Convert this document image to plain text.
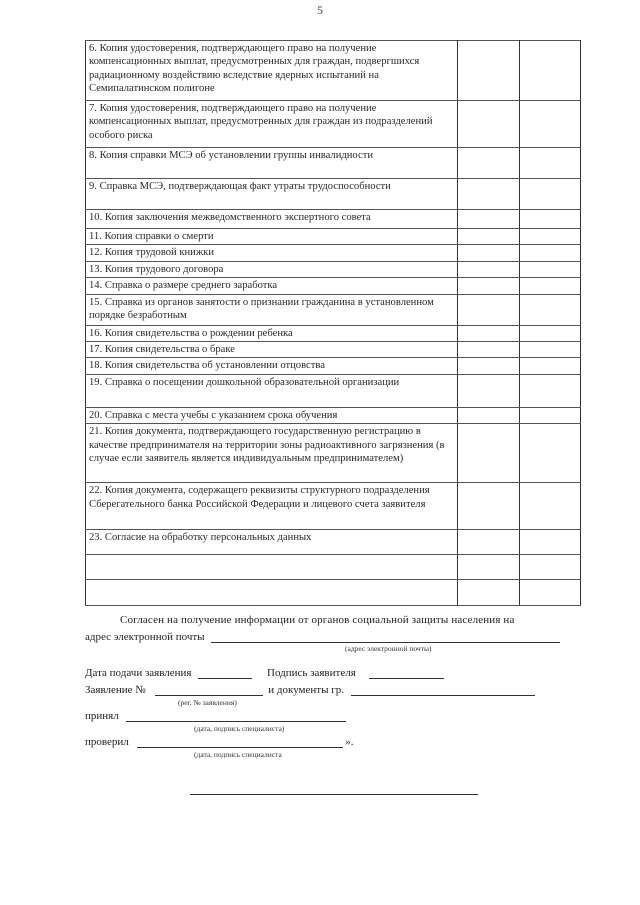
5
6. Копия удостоверения, подтверждающего право на получение компенсационных выплат, предусмотренных для граждан, подвергшихся радиационному воздействию вследствие ядерных испытаний на Семипалатинском полигоне		
7. Копия удостоверения, подтверждающего право на получение компенсационных выплат, предусмотренных для граждан из подразделений особого риска		
8. Копия справки МСЭ об установлении группы инвалидности		
9. Справка МСЭ, подтверждающая факт утраты трудоспособности		
10. Копия заключения межведомственного экспертного совета		
11. Копия справки о смерти		
12. Копия трудовой книжки		
13. Копия трудового договора		
14. Справка о размере среднего заработка		
15. Справка из органов занятости о признании гражданина в установленном порядке безработным		
16. Копия свидетельства о рождении ребенка		
17. Копия свидетельства о браке		
18. Копия свидетельства об установлении отцовства		
19. Справка о посещении дошкольной образовательной организации		
20. Справка с места учебы с указанием срока обучения		
21. Копия документа, подтверждающего государственную регистрацию в качестве предпринимателя на территории зоны радиоактивного загрязнения (в случае если заявитель является индивидуальным предпринимателем)		
22. Копия документа, содержащего реквизиты структурного подразделения Сберегательного банка Российской Федерации и лицевого счета заявителя		
23. Согласие на обработку персональных данных		

Согласен на получение информации от органов социальной защиты населения на
адрес электронной почты
(адрес электронной почты)
Дата подачи заявления	Подпись заявителя
Заявление №	и документы гр.
(рег. № заявления)
принял
(дата, подпись специалиста)
проверил	».
(дата, подпись специалиста
